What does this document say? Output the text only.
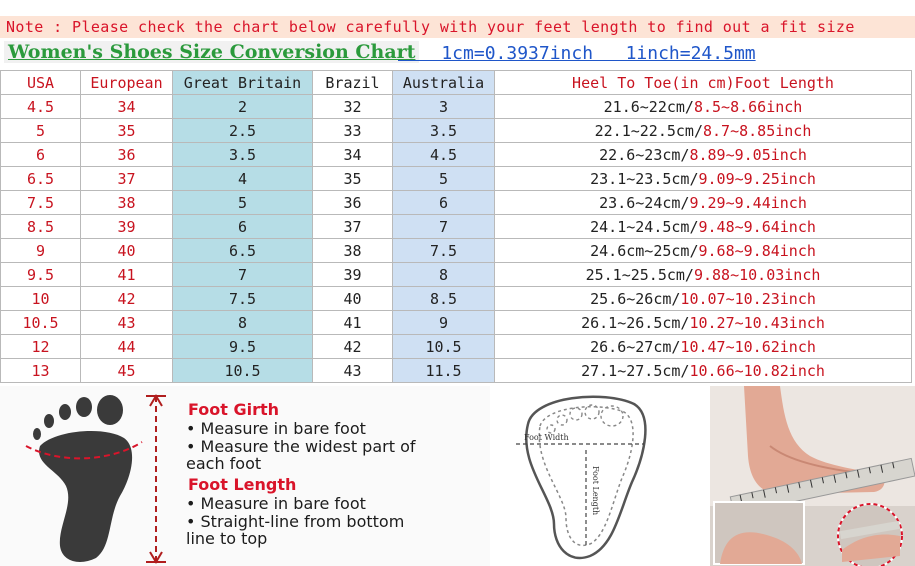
Note : Please check the chart below carefully with your feet length to find out a fit size
Women's Shoes Size Conversion Chart
1cm=0.3937inch   1inch=24.5mm
USA	European	Great Britain	Brazil	Australia	Heel To Toe(in cm)Foot Length
4.5	34	2	32	3	21.6~22cm/8.5~8.66inch
5	35	2.5	33	3.5	22.1~22.5cm/8.7~8.85inch
6	36	3.5	34	4.5	22.6~23cm/8.89~9.05inch
6.5	37	4	35	5	23.1~23.5cm/9.09~9.25inch
7.5	38	5	36	6	23.6~24cm/9.29~9.44inch
8.5	39	6	37	7	24.1~24.5cm/9.48~9.64inch
9	40	6.5	38	7.5	24.6cm~25cm/9.68~9.84inch
9.5	41	7	39	8	25.1~25.5cm/9.88~10.03inch
10	42	7.5	40	8.5	25.6~26cm/10.07~10.23inch
10.5	43	8	41	9	26.1~26.5cm/10.27~10.43inch
12	44	9.5	42	10.5	26.6~27cm/10.47~10.62inch
13	45	10.5	43	11.5	27.1~27.5cm/10.66~10.82inch
Foot Girth
• Measure in bare foot
• Measure the widest part of
each foot
Foot Length
• Measure in bare foot
• Straight-line from bottom
line to top
Foot Width
Foot Length
